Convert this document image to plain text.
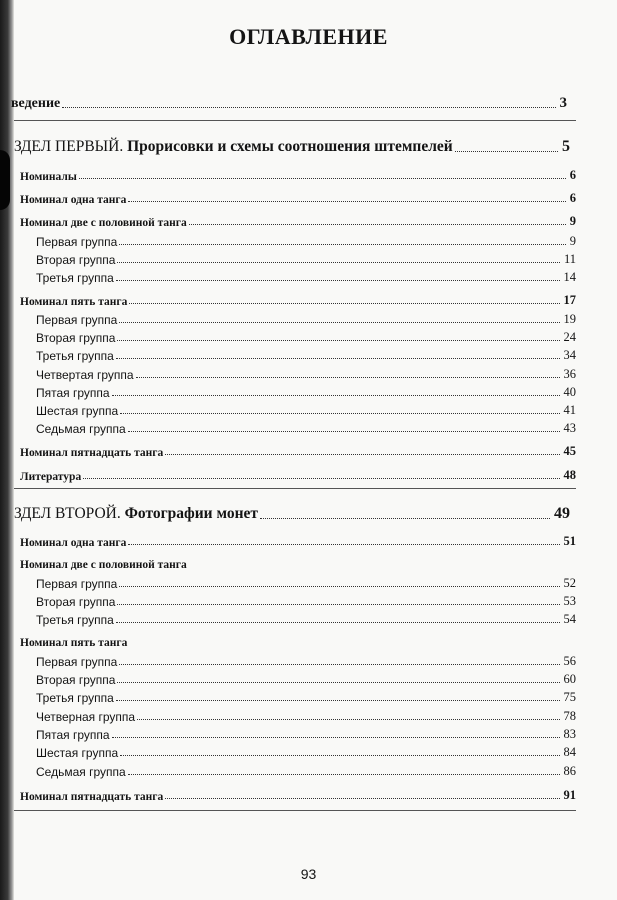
ОГЛАВЛЕНИЕ
ведение	3
ЗДЕЛ ПЕРВЫЙ. Прорисовки и схемы соотношения штемпелей	5
Номиналы	6
Номинал одна танга	6
Номинал две с половиной танга	9
Первая группа	9
Вторая группа	11
Третья группа	14
Номинал пять танга	17
Первая группа	19
Вторая группа	24
Третья группа	34
Четвертая группа	36
Пятая группа	40
Шестая группа	41
Седьмая группа	43
Номинал пятнадцать танга	45
Литература	48
ЗДЕЛ ВТОРОЙ. Фотографии монет	49
Номинал одна танга	51
Номинал две с половиной танга
Первая группа	52
Вторая группа	53
Третья группа	54
Номинал пять танга
Первая группа	56
Вторая группа	60
Третья группа	75
Четверная группа	78
Пятая группа	83
Шестая группа	84
Седьмая группа	86
Номинал пятнадцать танга	91
93
